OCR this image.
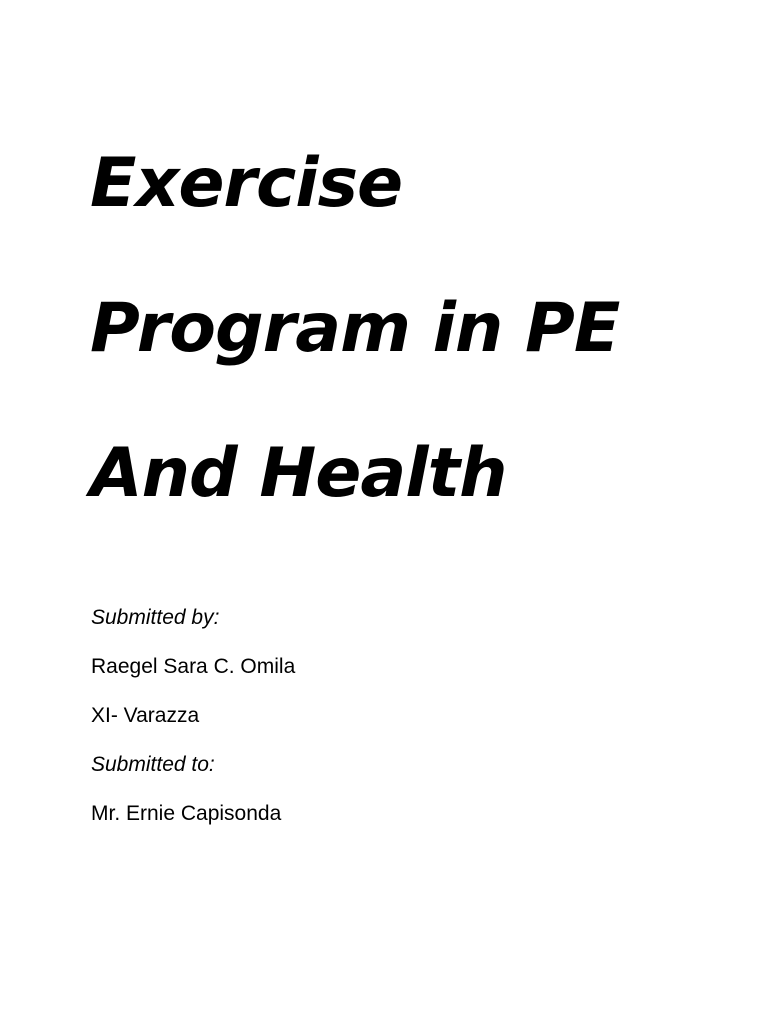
Exercise
Program in PE
And Health
Submitted by:
Raegel Sara C. Omila
XI- Varazza
Submitted to:
Mr. Ernie Capisonda
